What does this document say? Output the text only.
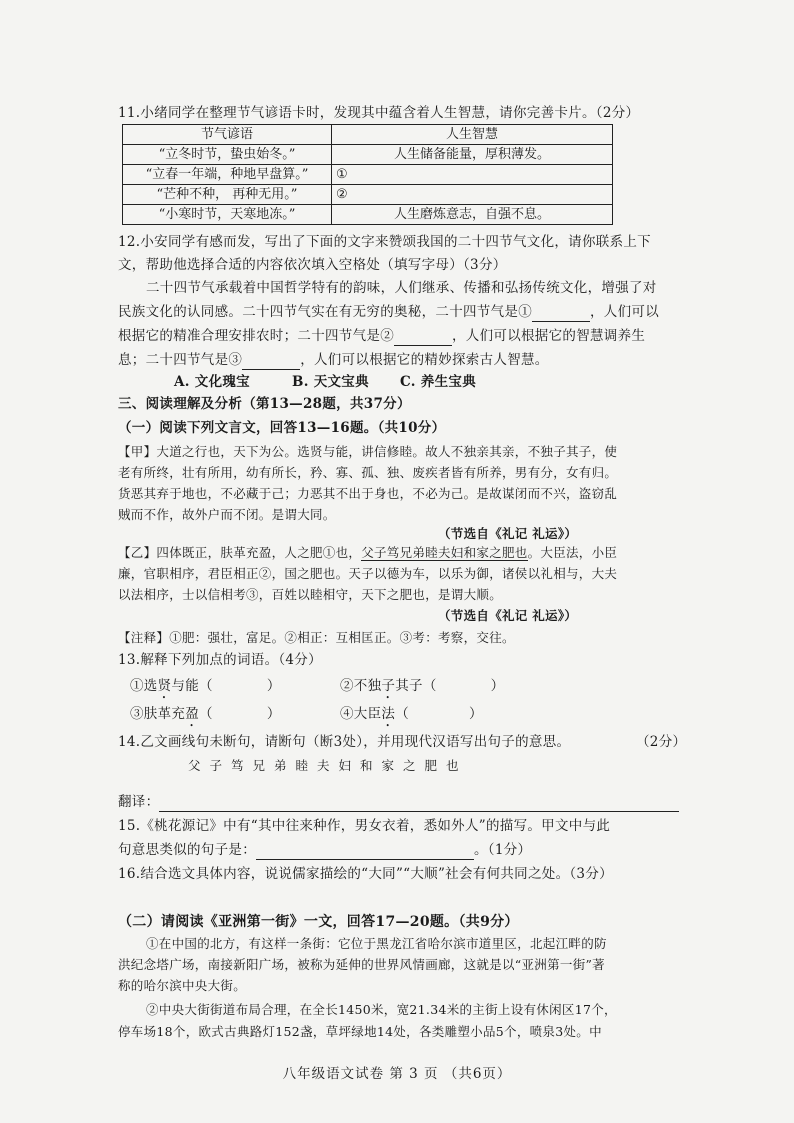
11.小绪同学在整理节气谚语卡时，发现其中蕴含着人生智慧，请你完善卡片。（2分）
节气谚语	人生智慧
“立冬时节，蛰虫始冬。”	人生储备能量，厚积薄发。
“立春一年端，种地早盘算。”	①
“芒种不种， 再种无用。”	②
“小寒时节，天寒地冻。”	人生磨炼意志，自强不息。
12.小安同学有感而发，写出了下面的文字来赞颂我国的二十四节气文化，请你联系上下
文，帮助他选择合适的内容依次填入空格处（填写字母）（3分）
二十四节气承载着中国哲学特有的韵味，人们继承、传播和弘扬传统文化，增强了对
民族文化的认同感。二十四节气实在有无穷的奥秘，二十四节气是①	，人们可以
根据它的精准合理安排农时；二十四节气是②	，人们可以根据它的智慧调养生
息；二十四节气是③	，人们可以根据它的精妙探索古人智慧。
A. 文化瑰宝	B. 天文宝典 C. 养生宝典
三、阅读理解及分析（第13—28题，共37分）
（一）阅读下列文言文，回答13—16题。（共10分）
【甲】大道之行也，天下为公。选贤与能，讲信修睦。故人不独亲其亲，不独子其子，使
老有所终，壮有所用，幼有所长，矜、寡、孤、独、废疾者皆有所养，男有分，女有归。
货恶其弃于地也，不必藏于己；力恶其不出于身也，不必为己。是故谋闭而不兴，盗窃乱
贼而不作，故外户而不闭。是谓大同。
（节选自《礼记 礼运》）
【乙】四体既正，肤革充盈，人之肥①也，父子笃兄弟睦夫妇和家之肥也。大臣法，小臣
廉，官职相序，君臣相正②，国之肥也。天子以德为车，以乐为御，诸侯以礼相与，大夫
以法相序，士以信相考③，百姓以睦相守，天下之肥也，是谓大顺。
（节选自《礼记 礼运》）
【注释】①肥：强壮，富足。②相正：互相匡正。③考：考察，交往。
13.解释下列加点的词语。（4分）
①选贤与能（	）	②不独子其子（	）
③肤革充盈（	）	④大臣法（	）
14.乙文画线句未断句，请断句（断3处），并用现代汉语写出句子的意思。	（2分）
父子笃兄弟睦夫妇和家之肥也
翻译：
15.《桃花源记》中有“其中往来种作，男女衣着，悉如外人”的描写。甲文中与此
句意思类似的句子是：	。（1分）
16.结合选文具体内容，说说儒家描绘的“大同”“大顺”社会有何共同之处。（3分）
（二）请阅读《亚洲第一街》一文，回答17—20题。（共9分）
①在中国的北方，有这样一条街：它位于黑龙江省哈尔滨市道里区，北起江畔的防
洪纪念塔广场，南接新阳广场，被称为延伸的世界风情画廊，这就是以“亚洲第一街”著
八年级语文试卷 第 3 页 （共6页）
称的哈尔滨中央大街。
②中央大街街道布局合理，在全长1450米，宽21.34米的主街上设有休闲区17个，
停车场18个，欧式古典路灯152盏，草坪绿地14处，各类雕塑小品5个，喷泉3处。中
